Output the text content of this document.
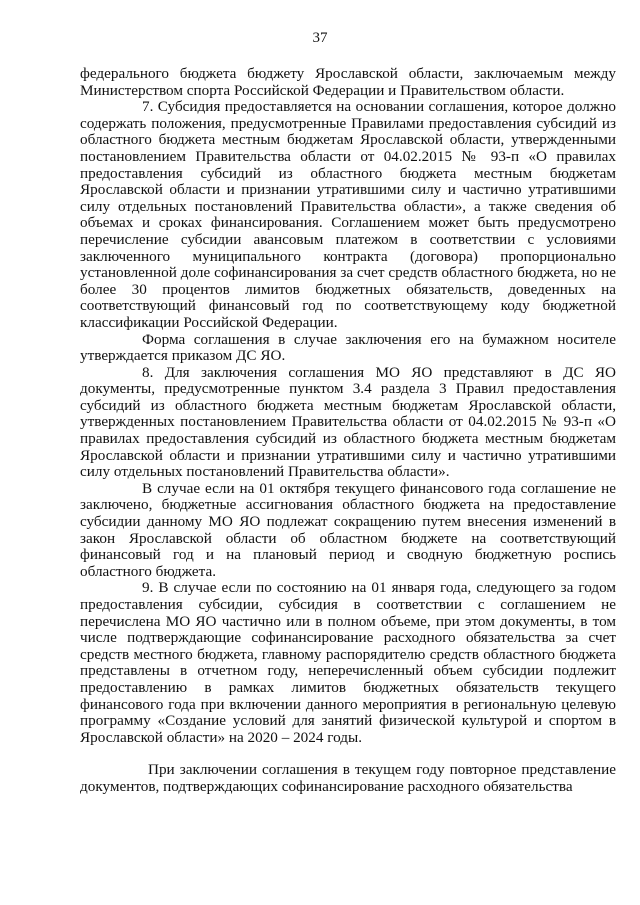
37

федерального бюджета бюджету Ярославской области, заключаемым между Министерством спорта Российской Федерации и Правительством области.

7. Субсидия предоставляется на основании соглашения, которое должно содержать положения, предусмотренные Правилами предоставления субсидий из областного бюджета местным бюджетам Ярославской области, утвержденными постановлением Правительства области от 04.02.2015 № 93-п «О правилах предоставления субсидий из областного бюджета местным бюджетам Ярославской области и признании утратившими силу и частично утратившими силу отдельных постановлений Правительства области», а также сведения об объемах и сроках финансирования. Соглашением может быть предусмотрено перечисление субсидии авансовым платежом в соответствии с условиями заключенного муниципального контракта (договора) пропорционально установленной доле софинансирования за счет средств областного бюджета, но не более 30 процентов лимитов бюджетных обязательств, доведенных на соответствующий финансовый год по соответствующему коду бюджетной классификации Российской Федерации.

Форма соглашения в случае заключения его на бумажном носителе утверждается приказом ДС ЯО.

8. Для заключения соглашения МО ЯО представляют в ДС ЯО документы, предусмотренные пунктом 3.4 раздела 3 Правил предоставления субсидий из областного бюджета местным бюджетам Ярославской области, утвержденных постановлением Правительства области от 04.02.2015 № 93-п «О правилах предоставления субсидий из областного бюджета местным бюджетам Ярославской области и признании утратившими силу и частично утратившими силу отдельных постановлений Правительства области».

В случае если на 01 октября текущего финансового года соглашение не заключено, бюджетные ассигнования областного бюджета на предоставление субсидии данному МО ЯО подлежат сокращению путем внесения изменений в закон Ярославской области об областном бюджете на соответствующий финансовый год и на плановый период и сводную бюджетную роспись областного бюджета.

9. В случае если по состоянию на 01 января года, следующего за годом предоставления субсидии, субсидия в соответствии с соглашением не перечислена МО ЯО частично или в полном объеме, при этом документы, в том числе подтверждающие софинансирование расходного обязательства за счет средств местного бюджета, главному распорядителю средств областного бюджета представлены в отчетном году, неперечисленный объем субсидии подлежит предоставлению в рамках лимитов бюджетных обязательств текущего финансового года при включении данного мероприятия в региональную целевую программу «Создание условий для занятий физической культурой и спортом в Ярославской области» на 2020 – 2024 годы.

При заключении соглашения в текущем году повторное представление документов, подтверждающих софинансирование расходного обязательства
